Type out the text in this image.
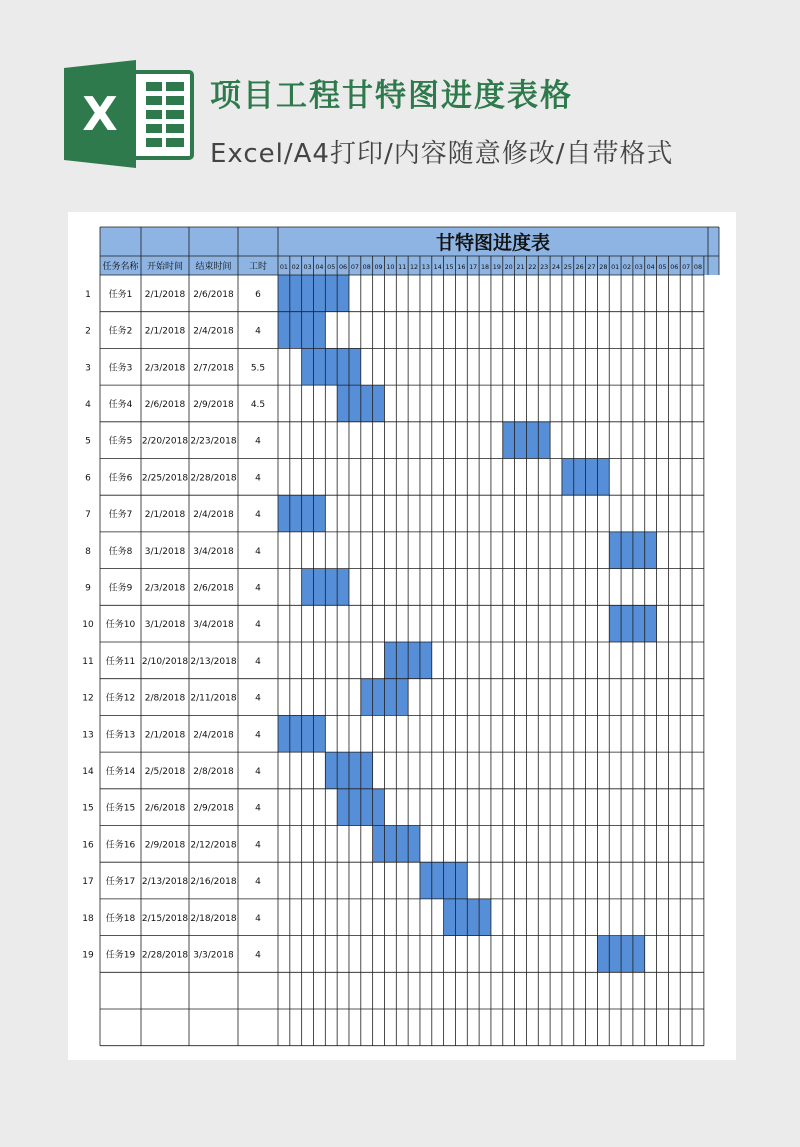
X	项目工程甘特图进度表格
Excel/A4打印/内容随意修改/自带格式
甘特图进度表
任务名称 开始时间 结束时间 工时 01 02 03 04 05 06 07 08 09 10 11 12 13 14 15 16 17 18 19 20 21 22 23 24 25 26 27 28 01 02 03 04 05 06 07 08
1 任务1 2/1/2018 2/6/2018 6
2 任务2 2/1/2018 2/4/2018 4
3 任务3 2/3/2018 2/7/2018 5.5
4 任务4 2/6/2018 2/9/2018 4.5
5 任务5 2/20/2018 2/23/2018 4
6 任务6 2/25/2018 2/28/2018 4
7 任务7 2/1/2018 2/4/2018 4
8 任务8 3/1/2018 3/4/2018 4
9 任务9 2/3/2018 2/6/2018 4
10 任务10 3/1/2018 3/4/2018 4
11 任务11 2/10/2018 2/13/2018 4
12 任务12 2/8/2018 2/11/2018 4
13 任务13 2/1/2018 2/4/2018 4
14 任务14 2/5/2018 2/8/2018 4
15 任务15 2/6/2018 2/9/2018 4
16 任务16 2/9/2018 2/12/2018 4
17 任务17 2/13/2018 2/16/2018 4
18 任务18 2/15/2018 2/18/2018 4
19 任务19 2/28/2018 3/3/2018 4
